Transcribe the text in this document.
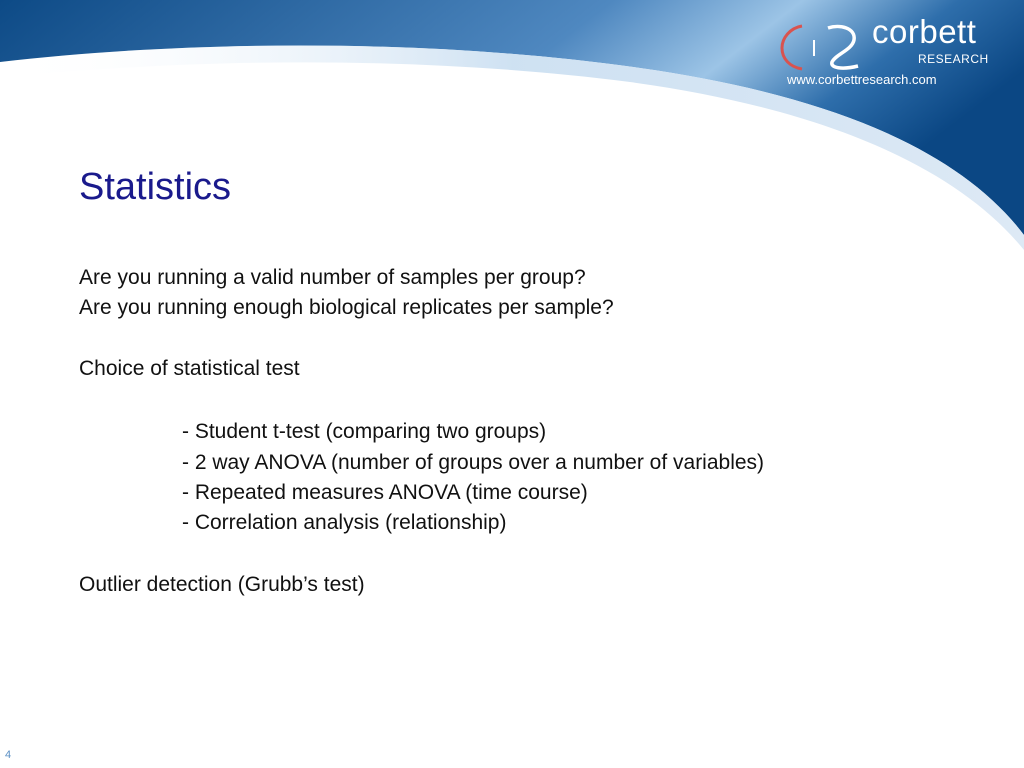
corbett
RESEARCH
www.corbettresearch.com
Statistics
Are you running a valid number of samples per group?
Are you running enough biological replicates per sample?
Choice of statistical test
- Student t-test (comparing two groups)
- 2 way ANOVA (number of groups over a number of variables)
- Repeated measures ANOVA (time course)
- Correlation analysis (relationship)
Outlier detection (Grubb’s test)
4
